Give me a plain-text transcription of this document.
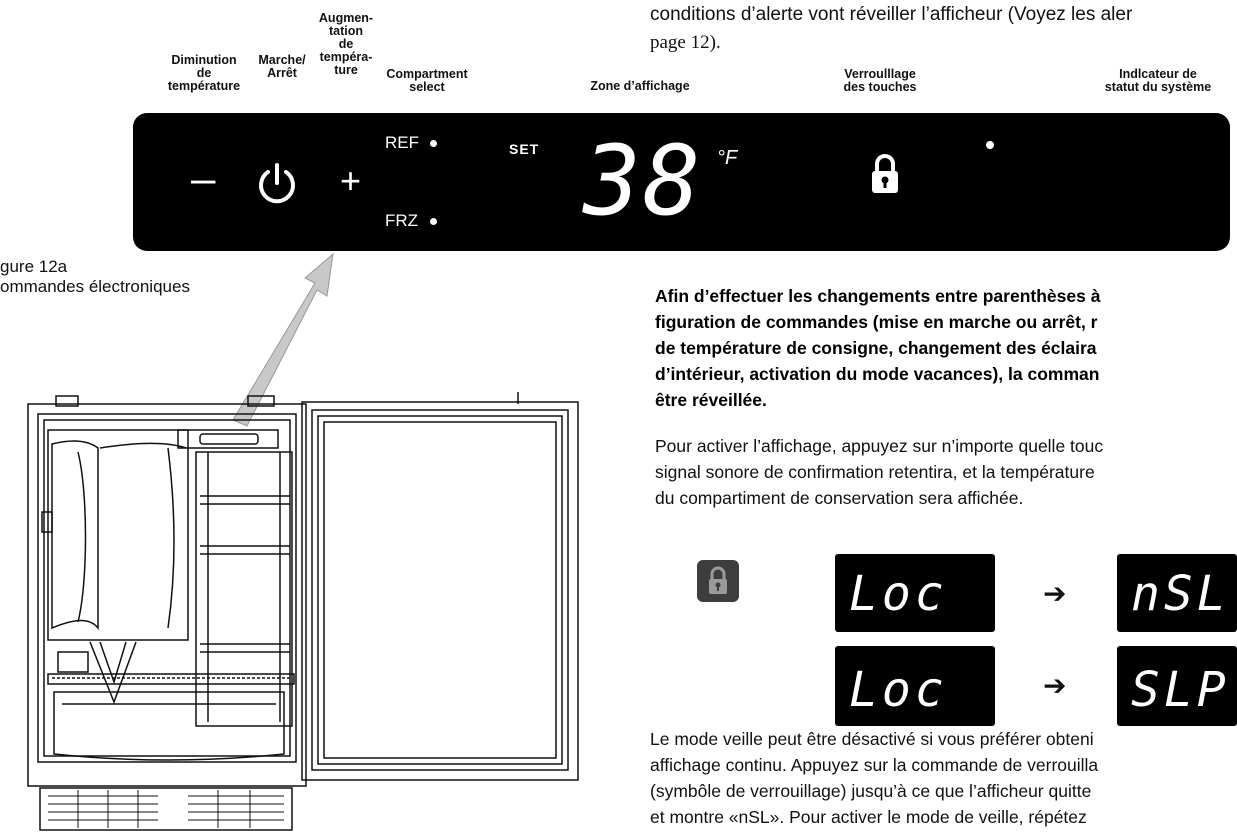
conditions d’alerte vont réveiller l’afficheur (Voyez les aler
page 12).
Diminution
de
température
Marche/
Arrêt
Augmen-
tation
de
tempéra-
ture	Compartment
select	Zone d’affichage
Verroulllage
des touches
Indlcateur de
statut du système
–	+
REF
FRZ
SET 38 °F
gure 12a
ommandes électroniques	Afin d’effectuer les changements entre parenthèses à
figuration de commandes (mise en marche ou arrêt, r
de température de consigne, changement des éclaira
d’intérieur, activation du mode vacances), la comman
être réveillée.
Pour activer l’affichage, appuyez sur n’importe quelle touc
signal sonore de confirmation retentira, et la température
du compartiment de conservation sera affichée.
Loc	➔ nSL
Loc	➔ SLP
Le mode veille peut être désactivé si vous préférer obteni
affichage continu. Appuyez sur la commande de verrouilla
(symbôle de verrouillage) jusqu’à ce que l’afficheur quitte
et montre «nSL». Pour activer le mode de veille, répétez
